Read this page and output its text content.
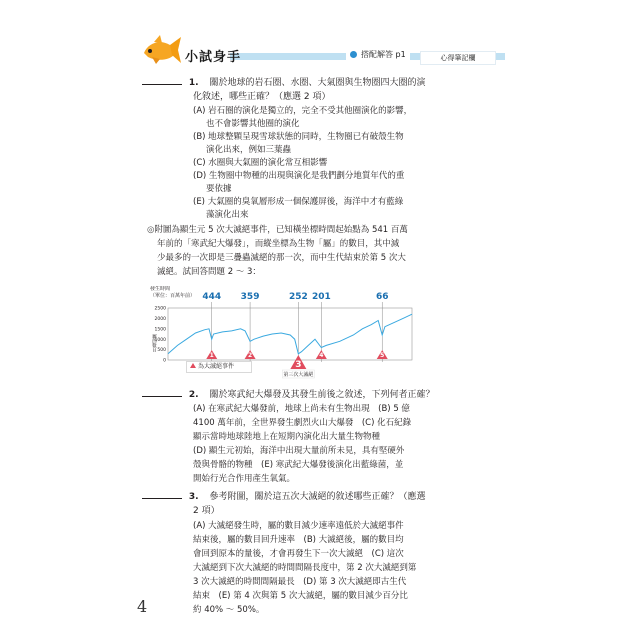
小試身手	搭配解答 p1	心得筆記欄
1. 關於地球的岩石圈、水圈、大氣圈與生物圈四大圈的演
化敘述，哪些正確？（應選 2 項）
(A) 岩石圈的演化是獨立的，完全不受其他圈演化的影響，
也不會影響其他圈的演化
(B) 地球整顆呈現雪球狀態的同時，生物圈已有破殼生物
演化出來，例如三葉蟲
(C) 水圈與大氣圈的演化常互相影響
(D) 生物圈中物種的出現與演化是我們劃分地質年代的重
要依據
(E) 大氣圈的臭氧層形成一個保護屏後，海洋中才有藍綠
藻演化出來
◎附圖為顯生元 5 次大滅絕事件，已知橫坐標時間起始點為 541 百萬
年前的「寒武紀大爆發」，而縱坐標為生物「屬」的數目，其中減
少最多的一次即是三疊蟲滅絕的那一次，而中生代結束於第 5 次大
滅絕。試回答問題 2 ～ 3：
發生時間
（單位：百萬年前）
2500
2000
1500
1000
500
0
屬的數目
444 359	252 201	66
1	2
3
4	5
第三次大滅絕
為大滅絕事件
2. 關於寒武紀大爆發及其發生前後之敘述，下列何者正確？
(A) 在寒武紀大爆發前，地球上尚未有生物出現　(B) 5 億
4100 萬年前，全世界發生劇烈火山大爆發　(C) 化石紀錄
顯示當時地球陸地上在短期內演化出大量生物物種
(D) 顯生元初始，海洋中出現大量前所未見，具有堅硬外
殼與骨骼的物種　(E) 寒武紀大爆發後演化出藍綠菌，並
開始行光合作用產生氧氣。
3. 參考附圖，關於這五次大滅絕的敘述哪些正確？（應選
2 項）
(A) 大滅絕發生時，屬的數目減少速率遠低於大滅絕事件
結束後，屬的數目回升速率　(B) 大滅絕後，屬的數目均
會回到原本的量後，才會再發生下一次大滅絕　(C) 這次
大滅絕到下次大滅絕的時間間隔長度中，第 2 次大滅絕到第
3 次大滅絕的時間間隔最長　(D) 第 3 次大滅絕即古生代
結束　(E) 第 4 次與第 5 次大滅絕，屬的數目減少百分比
約 40% ～ 50%。
4
